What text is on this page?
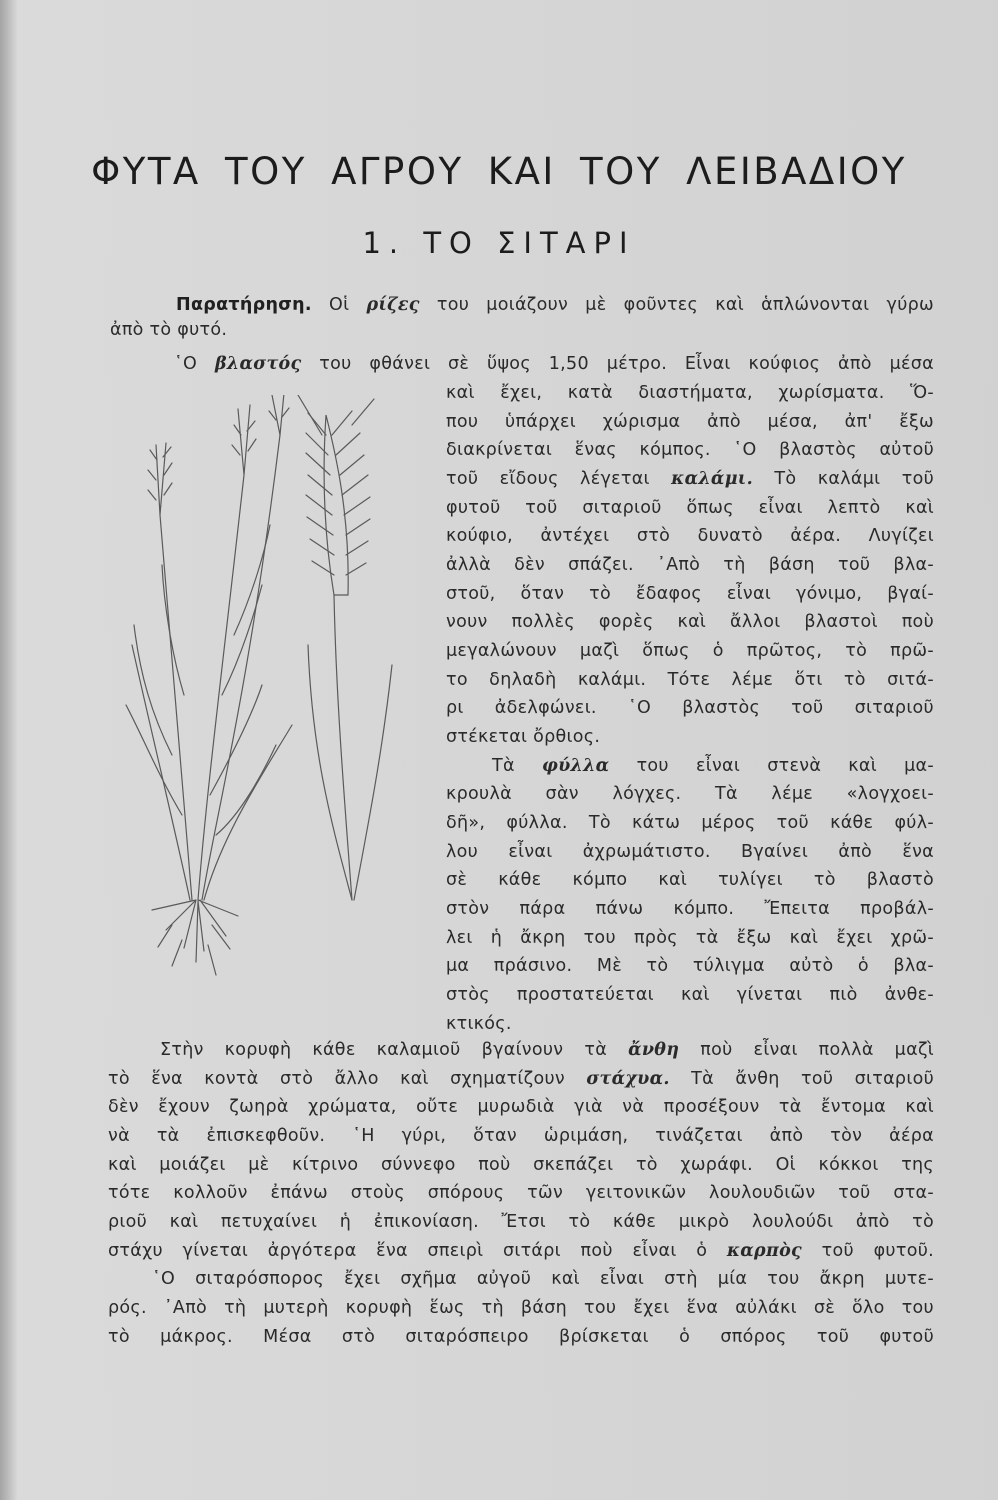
ΦΥΤΑ ΤΟΥ ΑΓΡΟΥ ΚΑΙ ΤΟΥ ΛΕΙΒΑΔΙΟΥ
1. ΤΟ ΣΙΤΑΡΙ
Παρατήρηση. Οἱ ρίζες του μοιάζουν μὲ φοῦντες καὶ ἁπλώνονται γύρω
ἀπὸ τὸ φυτό.
῾Ο βλαστός του φθάνει σὲ ὕψος 1,50 μέτρο. Εἶναι κούφιος ἀπὸ μέσα
καὶ ἔχει, κατὰ διαστήματα, χωρίσματα. Ὅ-
που ὑπάρχει χώρισμα ἀπὸ μέσα, ἀπ' ἔξω
διακρίνεται ἕνας κόμπος. ῾Ο βλαστὸς αὐτοῦ
τοῦ εἴδους λέγεται καλάμι. Τὸ καλάμι τοῦ
φυτοῦ τοῦ σιταριοῦ ὅπως εἶναι λεπτὸ καὶ
κούφιο, ἀντέχει στὸ δυνατὸ ἀέρα. Λυγίζει
ἀλλὰ δὲν σπάζει. ᾿Απὸ τὴ βάση τοῦ βλα-
στοῦ, ὅταν τὸ ἔδαφος εἶναι γόνιμο, βγαί-
νουν πολλὲς φορὲς καὶ ἄλλοι βλαστοὶ ποὺ
μεγαλώνουν μαζὶ ὅπως ὁ πρῶτος, τὸ πρῶ-
το δηλαδὴ καλάμι. Τότε λέμε ὅτι τὸ σιτά-
ρι ἀδελφώνει. ῾Ο βλαστὸς τοῦ σιταριοῦ
στέκεται ὄρθιος.
Τὰ φύλλα του εἶναι στενὰ καὶ μα-
κρουλὰ σὰν λόγχες. Τὰ λέμε «λογχοει-
δῆ», φύλλα. Τὸ κάτω μέρος τοῦ κάθε φύλ-
λου εἶναι ἀχρωμάτιστο. Βγαίνει ἀπὸ ἕνα
σὲ κάθε κόμπο καὶ τυλίγει τὸ βλαστὸ
στὸν πάρα πάνω κόμπο. Ἔπειτα προβάλ-
λει ἡ ἄκρη του πρὸς τὰ ἔξω καὶ ἔχει χρῶ-
μα πράσινο. Μὲ τὸ τύλιγμα αὐτὸ ὁ βλα-
στὸς προστατεύεται καὶ γίνεται πιὸ ἀνθε-
κτικός.
Στὴν κορυφὴ κάθε καλαμιοῦ βγαίνουν τὰ ἄνθη ποὺ εἶναι πολλὰ μαζὶ
τὸ ἕνα κοντὰ στὸ ἄλλο καὶ σχηματίζουν στάχυα. Τὰ ἄνθη τοῦ σιταριοῦ
δὲν ἔχουν ζωηρὰ χρώματα, οὔτε μυρωδιὰ γιὰ νὰ προσέξουν τὰ ἔντομα καὶ
νὰ τὰ ἐπισκεφθοῦν. ῾Η γύρι, ὅταν ὡριμάση, τινάζεται ἀπὸ τὸν ἀέρα
καὶ μοιάζει μὲ κίτρινο σύννεφο ποὺ σκεπάζει τὸ χωράφι. Οἱ κόκκοι της
τότε κολλοῦν ἐπάνω στοὺς σπόρους τῶν γειτονικῶν λουλουδιῶν τοῦ στα-
ριοῦ καὶ πετυχαίνει ἡ ἐπικονίαση. Ἔτσι τὸ κάθε μικρὸ λουλούδι ἀπὸ τὸ
στάχυ γίνεται ἀργότερα ἕνα σπειρὶ σιτάρι ποὺ εἶναι ὁ καρπὸς τοῦ φυτοῦ.
῾Ο σιταρόσπορος ἔχει σχῆμα αὐγοῦ καὶ εἶναι στὴ μία του ἄκρη μυτε-
ρός. ᾿Απὸ τὴ μυτερὴ κορυφὴ ἕως τὴ βάση του ἔχει ἕνα αὐλάκι σὲ ὅλο του
τὸ μάκρος. Μέσα στὸ σιταρόσπειρο βρίσκεται ὁ σπόρος τοῦ φυτοῦ
